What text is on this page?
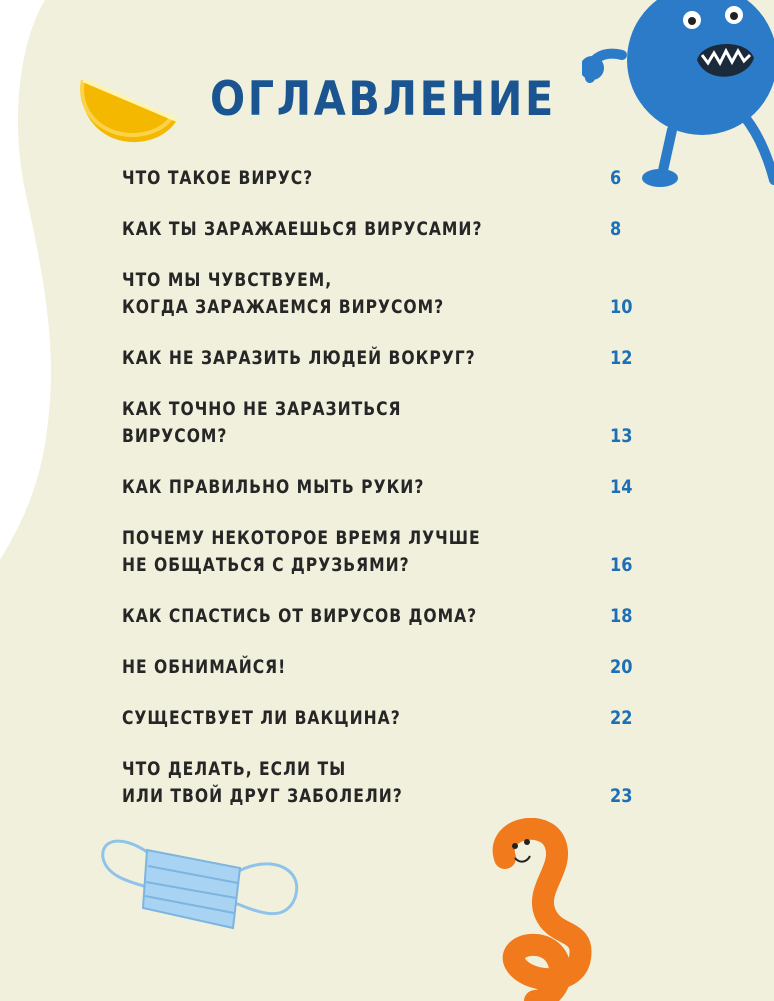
ОГЛАВЛЕНИЕ
ЧТО ТАКОЕ ВИРУС?	6
КАК ТЫ ЗАРАЖАЕШЬСЯ ВИРУСАМИ?	8
ЧТО МЫ ЧУВСТВУЕМ,
КОГДА ЗАРАЖАЕМСЯ ВИРУСОМ?	10
КАК НЕ ЗАРАЗИТЬ ЛЮДЕЙ ВОКРУГ?	12
КАК ТОЧНО НЕ ЗАРАЗИТЬСЯ
ВИРУСОМ?	13
КАК ПРАВИЛЬНО МЫТЬ РУКИ?	14
ПОЧЕМУ НЕКОТОРОЕ ВРЕМЯ ЛУЧШЕ
НЕ ОБЩАТЬСЯ С ДРУЗЬЯМИ?	16
КАК СПАСТИСЬ ОТ ВИРУСОВ ДОМА?	18
НЕ ОБНИМАЙСЯ!	20
СУЩЕСТВУЕТ ЛИ ВАКЦИНА?	22
ЧТО ДЕЛАТЬ, ЕСЛИ ТЫ
ИЛИ ТВОЙ ДРУГ ЗАБОЛЕЛИ?	23
